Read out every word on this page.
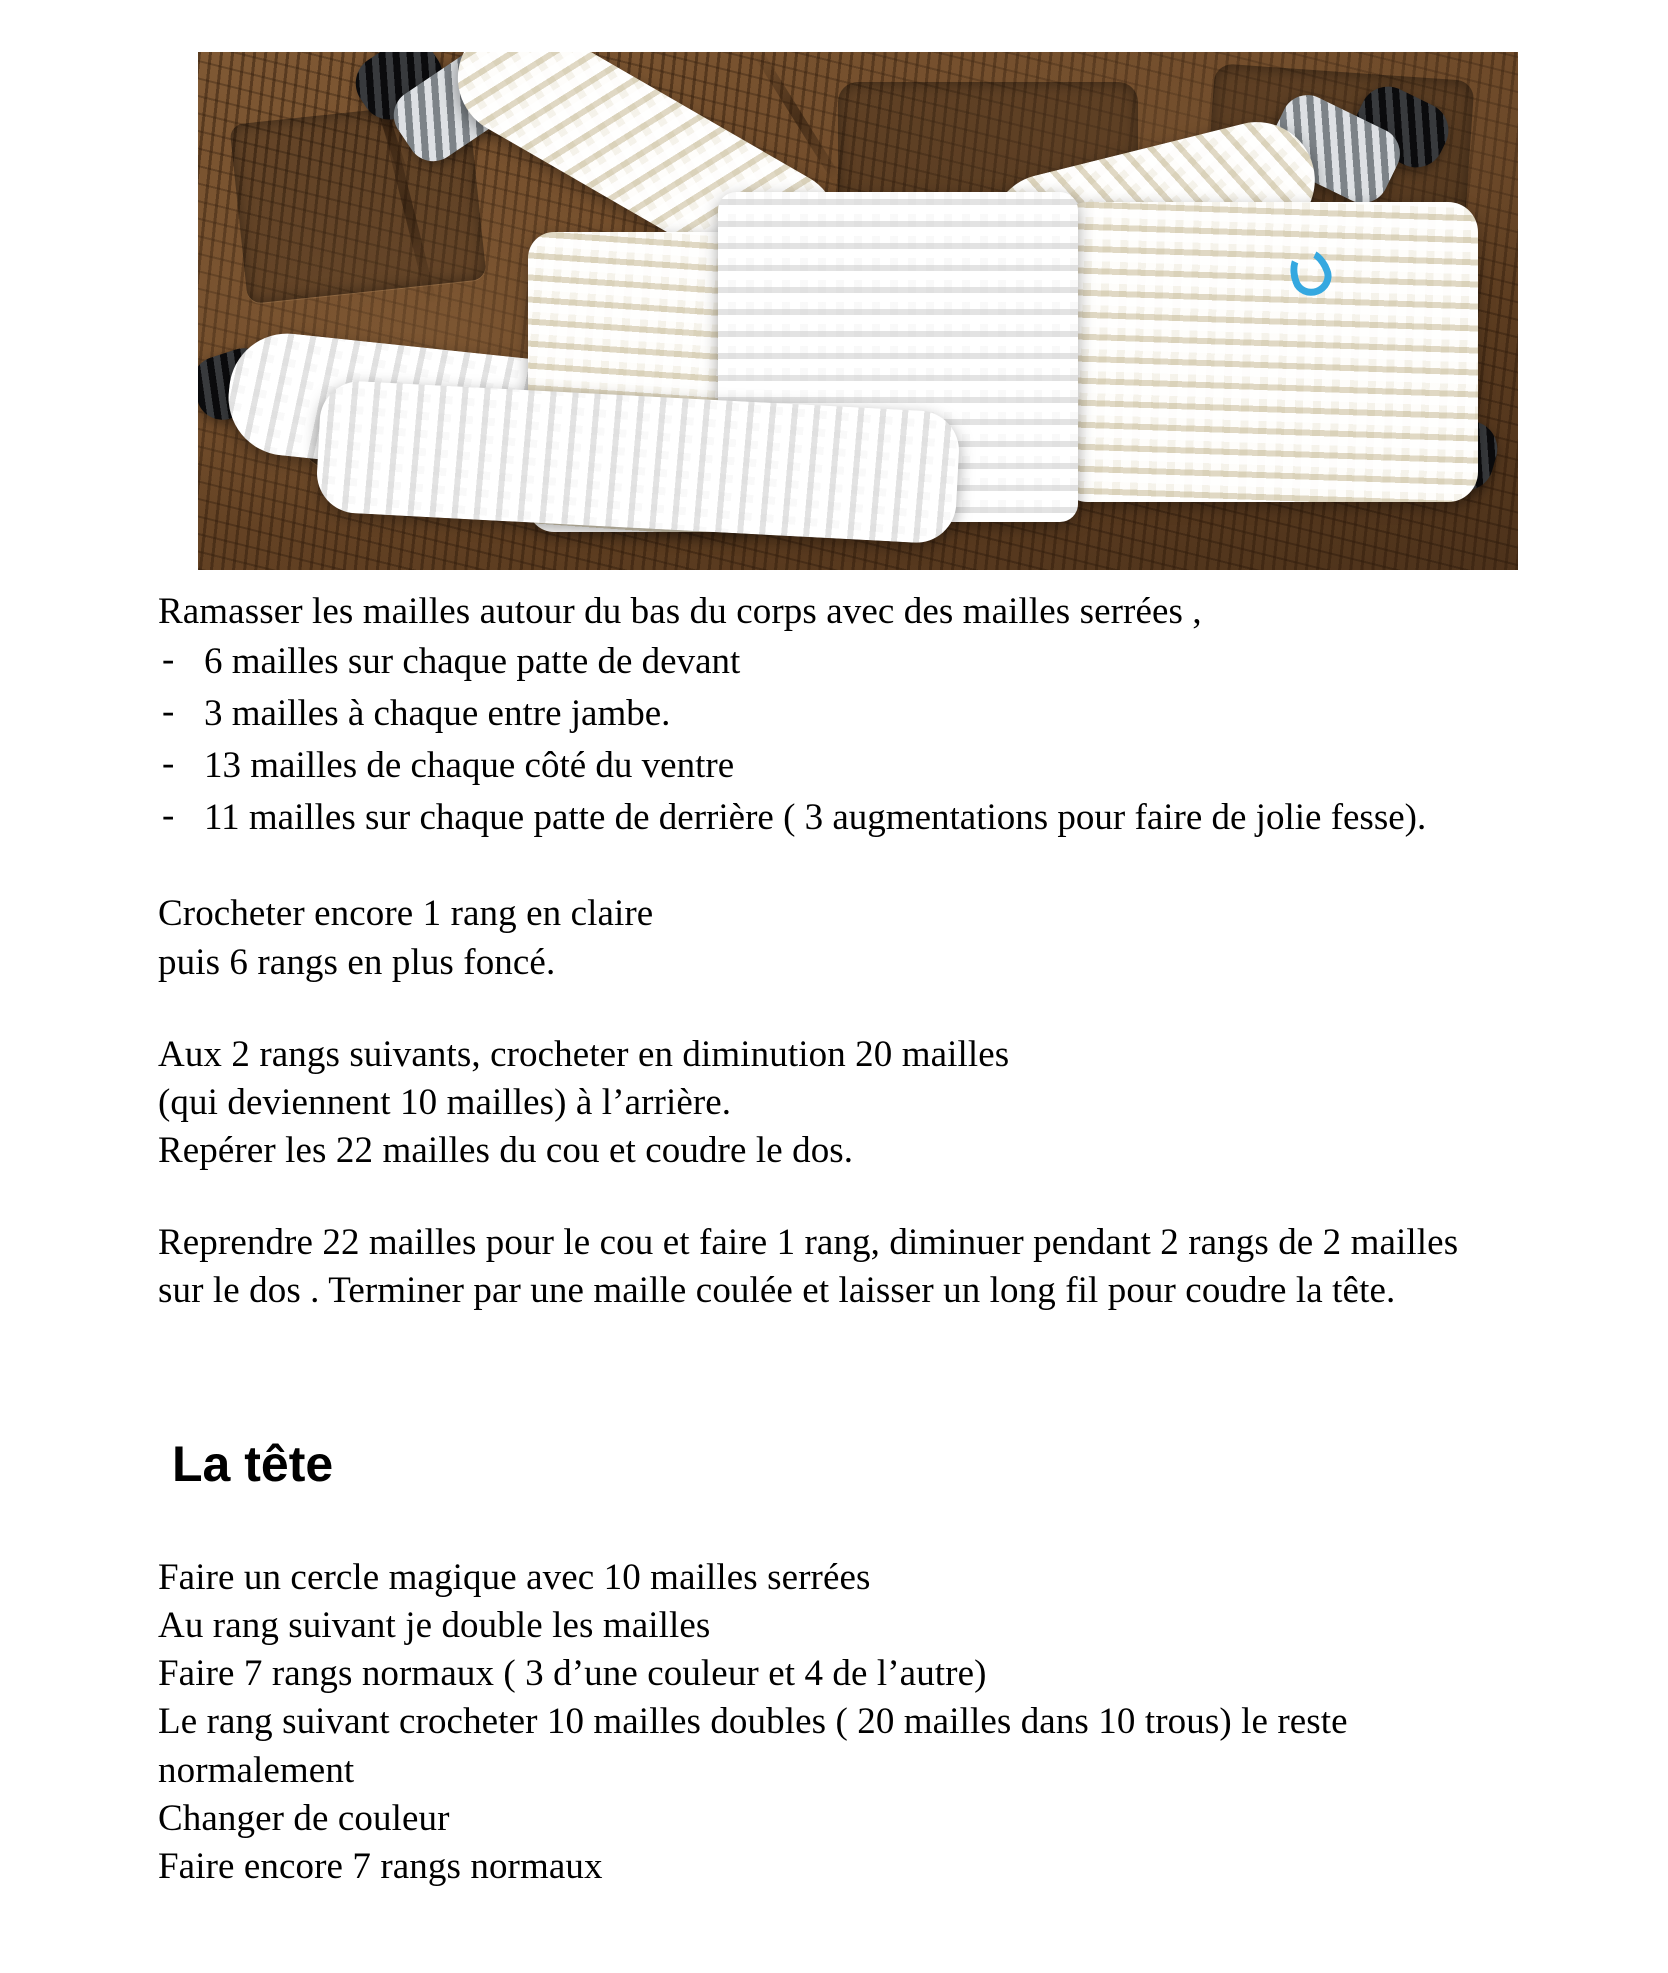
Ramasser les mailles autour du bas du corps avec des mailles serrées ,

- 6 mailles sur chaque patte de devant
- 3 mailles à chaque entre jambe.
- 13 mailles de chaque côté du ventre
- 11 mailles sur chaque patte de derrière ( 3 augmentations pour faire de jolie fesse).

Crocheter encore 1 rang en claire

puis 6 rangs en plus foncé.

Aux 2 rangs suivants, crocheter en diminution 20 mailles

(qui deviennent 10 mailles) à l’arrière.

Repérer les 22 mailles du cou et coudre le dos.

Reprendre 22 mailles pour le cou et faire 1 rang, diminuer pendant 2 rangs de 2 mailles sur le dos . Terminer par une maille coulée et laisser un long fil pour coudre la tête.

La tête

Faire un cercle magique avec 10 mailles serrées

Au rang suivant je double les mailles

Faire 7 rangs normaux ( 3 d’une couleur et 4 de l’autre)

Le rang suivant crocheter 10 mailles doubles ( 20 mailles dans 10 trous) le reste normalement

Changer de couleur

Faire encore 7 rangs normaux
